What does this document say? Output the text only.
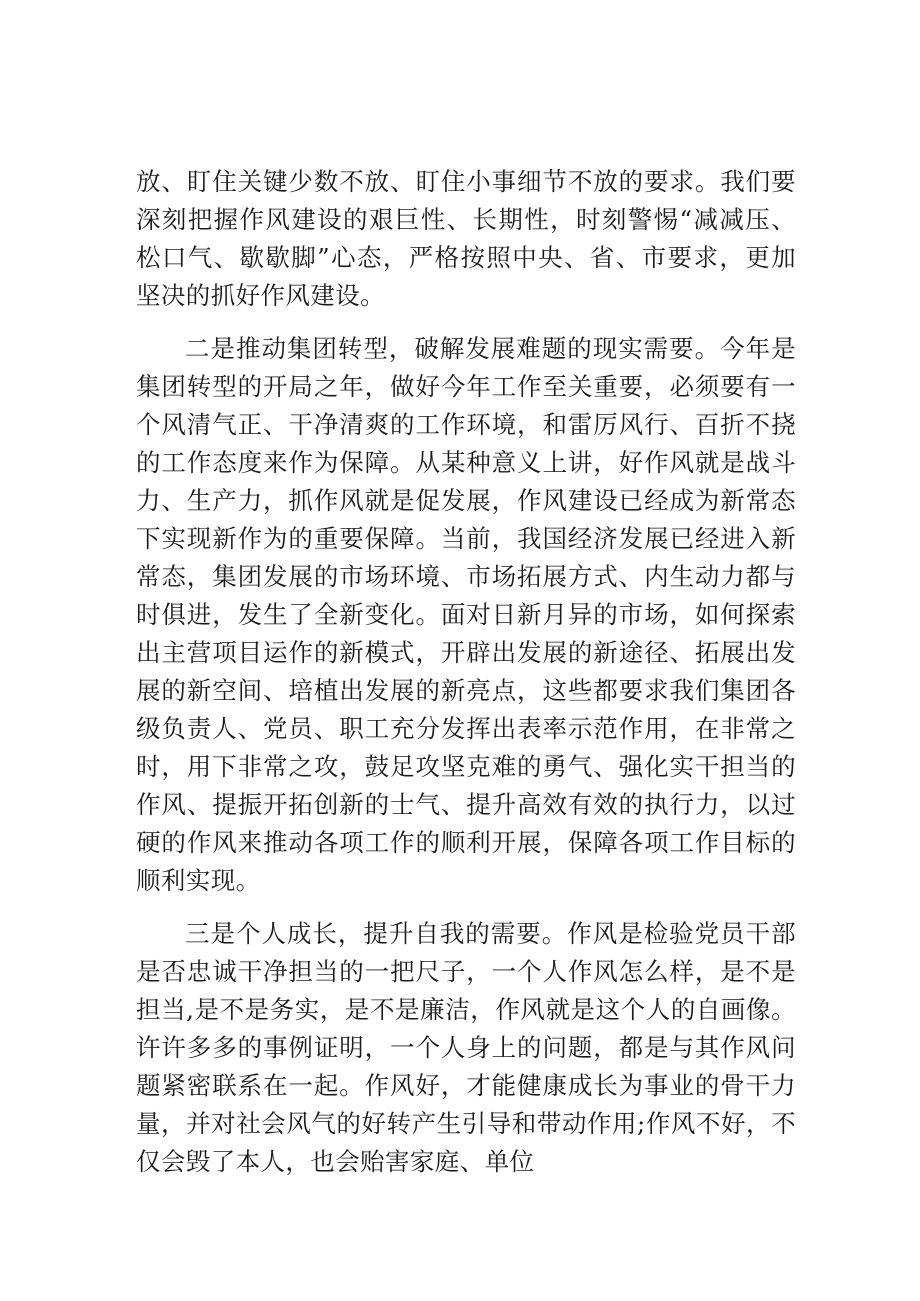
放、盯住关键少数不放、盯住小事细节不放的要求。我们要深刻把握作风建设的艰巨性、长期性，时刻警惕“减减压、松口气、歇歇脚”心态，严格按照中央、省、市要求，更加坚决的抓好作风建设。

二是推动集团转型，破解发展难题的现实需要。今年是集团转型的开局之年，做好今年工作至关重要，必须要有一个风清气正、干净清爽的工作环境，和雷厉风行、百折不挠的工作态度来作为保障。从某种意义上讲，好作风就是战斗力、生产力，抓作风就是促发展，作风建设已经成为新常态下实现新作为的重要保障。当前，我国经济发展已经进入新常态，集团发展的市场环境、市场拓展方式、内生动力都与时俱进，发生了全新变化。面对日新月异的市场，如何探索出主营项目运作的新模式，开辟出发展的新途径、拓展出发展的新空间、培植出发展的新亮点，这些都要求我们集团各级负责人、党员、职工充分发挥出表率示范作用，在非常之时，用下非常之攻，鼓足攻坚克难的勇气、强化实干担当的作风、提振开拓创新的士气、提升高效有效的执行力，以过硬的作风来推动各项工作的顺利开展，保障各项工作目标的顺利实现。

三是个人成长，提升自我的需要。作风是检验党员干部是否忠诚干净担当的一把尺子，一个人作风怎么样，是不是担当,是不是务实，是不是廉洁，作风就是这个人的自画像。许许多多的事例证明，一个人身上的问题，都是与其作风问题紧密联系在一起。作风好，才能健康成长为事业的骨干力量，并对社会风气的好转产生引导和带动作用;作风不好，不仅会毁了本人，也会贻害家庭、单位
